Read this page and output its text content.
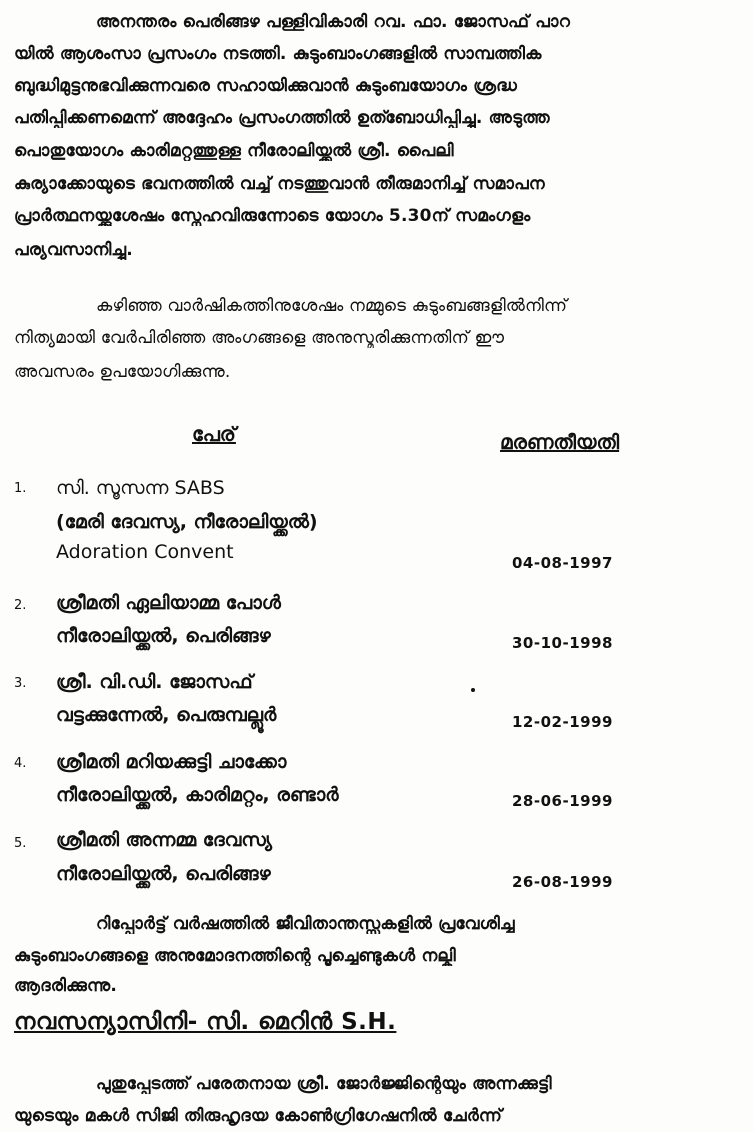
അനന്തരം പെരിങ്ങഴ പള്ളിവികാരി റവ. ഫാ. ജോസഫ് പാറ
യിൽ ആശംസാ പ്രസംഗം നടത്തി. കുടുംബാംഗങ്ങളിൽ സാമ്പത്തിക
ബുദ്ധിമുട്ടനുഭവിക്കുന്നവരെ സഹായിക്കുവാൻ കുടുംബയോഗം ശ്രദ്ധ
പതിപ്പിക്കണമെന്ന് അദ്ദേഹം പ്രസംഗത്തിൽ ഉത്ബോധിപ്പിച്ചു. അടുത്ത
പൊതുയോഗം കാരിമറ്റത്തുള്ള നീരോലിയ്ക്കൽ ശ്രീ. പൈലി
കുര്യാക്കോയുടെ ഭവനത്തിൽ വച്ച് നടത്തുവാൻ തീരുമാനിച്ച് സമാപന
പ്രാർത്ഥനയ്ക്കുശേഷം സ്നേഹവിരുന്നോടെ യോഗം 5.30ന് സമംഗളം
പര്യവസാനിച്ചു.
കഴിഞ്ഞ വാർഷികത്തിനുശേഷം നമ്മുടെ കുടുംബങ്ങളിൽനിന്ന്
നിത്യമായി വേർപിരിഞ്ഞ അംഗങ്ങളെ അനുസ്മരിക്കുന്നതിന് ഈ
അവസരം ഉപയോഗിക്കുന്നു.
പേര്	മരണതീയതി
1. സി. സൂസന്ന SABS
(മേരി ദേവസ്യ, നീരോലിയ്ക്കൽ)
Adoration Convent	04-08-1997
2. ശ്രീമതി ഏലിയാമ്മ പോൾ
നീരോലിയ്ക്കൽ, പെരിങ്ങഴ	30-10-1998
3. ശ്രീ. വി.ഡി. ജോസഫ്
വട്ടക്കുന്നേൽ, പെരുമ്പല്ലൂർ	12-02-1999
4. ശ്രീമതി മറിയക്കുട്ടി ചാക്കോ
നീരോലിയ്ക്കൽ, കാരിമറ്റം, രണ്ടാർ	28-06-1999
5. ശ്രീമതി അന്നമ്മ ദേവസ്യ
നീരോലിയ്ക്കൽ, പെരിങ്ങഴ	26-08-1999
റിപ്പോർട്ട് വർഷത്തിൽ ജീവിതാന്തസ്സുകളിൽ പ്രവേശിച്ച
കുടുംബാംഗങ്ങളെ അനുമോദനത്തിന്റെ പൂച്ചെണ്ടുകൾ നല്കി
ആദരിക്കുന്നു.
നവസന്യാസിനി- സി. മെറിൻ S.H.
പുതുപ്പേടത്ത് പരേതനായ ശ്രീ. ജോർജ്ജിന്റെയും അന്നക്കുട്ടി
യുടെയും മകൾ സിജി തിരുഹൃദയ കോൺഗ്രിഗേഷനിൽ ചേർന്ന്
